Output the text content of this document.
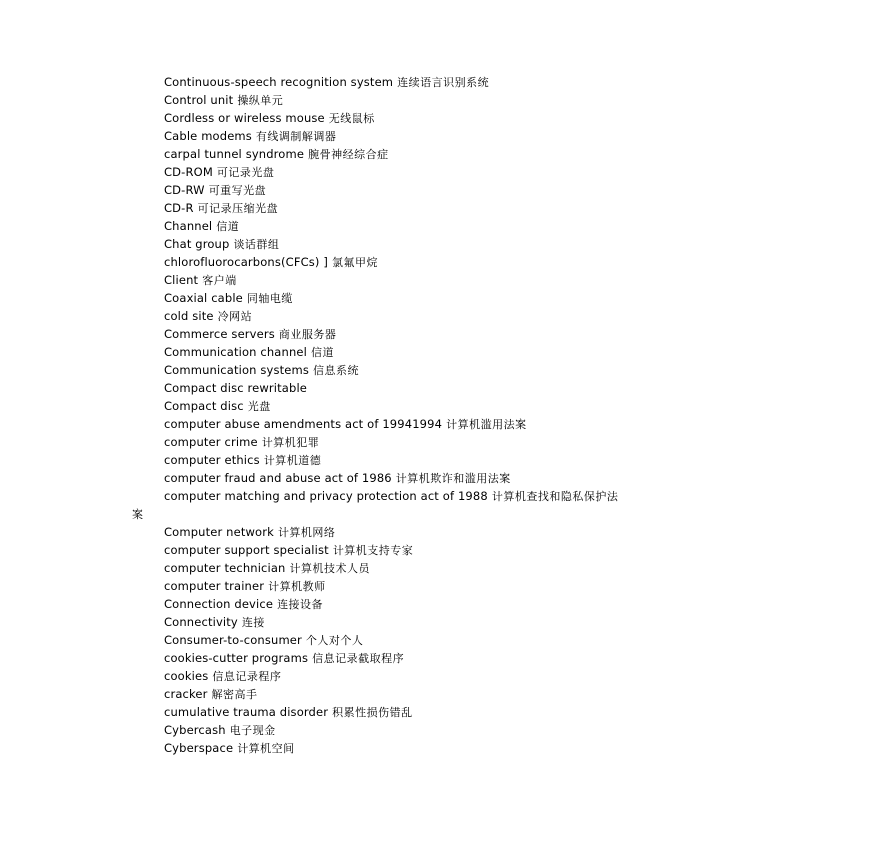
Continuous-speech recognition system 连续语言识别系统
Control unit 操纵单元
Cordless or wireless mouse 无线鼠标
Cable modems 有线调制解调器
carpal tunnel syndrome 腕骨神经综合症
CD-ROM 可记录光盘
CD-RW 可重写光盘
CD-R 可记录压缩光盘
Channel 信道
Chat group 谈话群组
chlorofluorocarbons(CFCs) ] 氯氟甲烷
Client 客户端
Coaxial cable 同轴电缆
cold site 冷网站
Commerce servers 商业服务器
Communication channel 信道
Communication systems 信息系统
Compact disc rewritable
Compact disc 光盘
computer abuse amendments act of 19941994 计算机滥用法案
computer crime 计算机犯罪
computer ethics 计算机道德
computer fraud and abuse act of 1986 计算机欺诈和滥用法案
computer matching and privacy protection act of 1988 计算机查找和隐私保护法
案
Computer network 计算机网络
computer support specialist 计算机支持专家
computer technician 计算机技术人员
computer trainer 计算机教师
Connection device 连接设备
Connectivity 连接
Consumer-to-consumer 个人对个人
cookies-cutter programs 信息记录截取程序
cookies 信息记录程序
cracker 解密高手
cumulative trauma disorder 积累性损伤错乱
Cybercash 电子现金
Cyberspace 计算机空间
